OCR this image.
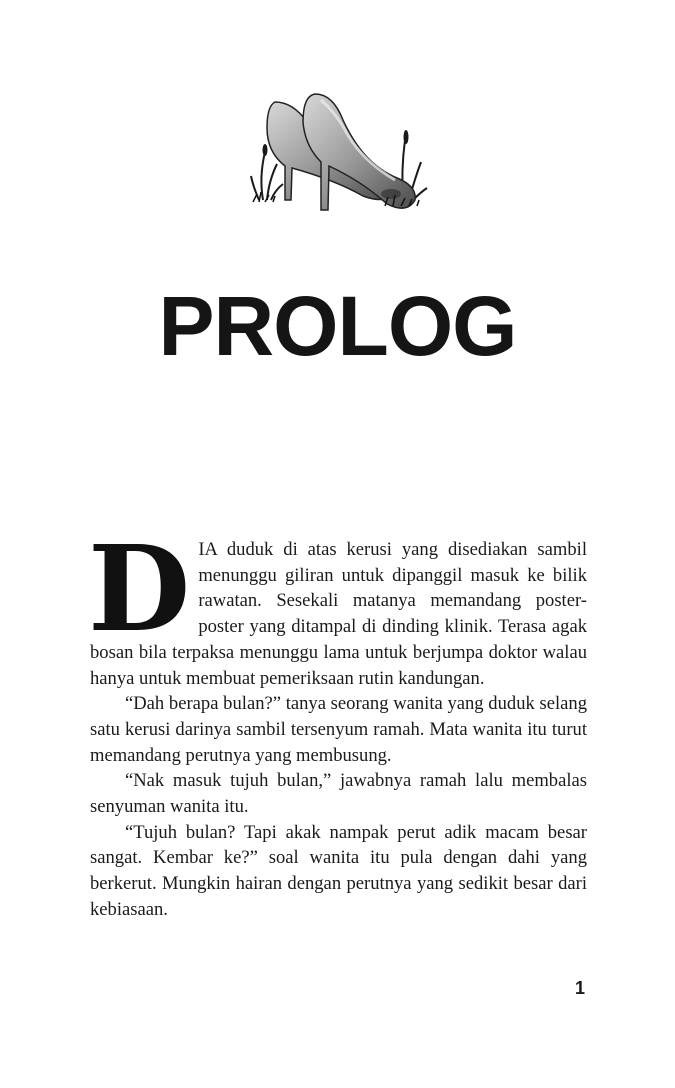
PROLOG

DIA duduk di atas kerusi yang disediakan sambil menunggu giliran untuk dipanggil masuk ke bilik rawatan. Sesekali matanya memandang poster-poster yang ditampal di dinding klinik. Terasa agak bosan bila terpaksa menunggu lama untuk berjumpa doktor walau hanya untuk membuat pemeriksaan rutin kandungan.

“Dah berapa bulan?” tanya seorang wanita yang duduk selang satu kerusi darinya sambil tersenyum ramah. Mata wanita itu turut memandang perutnya yang membusung.

“Nak masuk tujuh bulan,” jawabnya ramah lalu membalas senyuman wanita itu.

“Tujuh bulan? Tapi akak nampak perut adik macam besar sangat. Kembar ke?” soal wanita itu pula dengan dahi yang berkerut. Mungkin hairan dengan perutnya yang sedikit besar dari kebiasaan.

1
